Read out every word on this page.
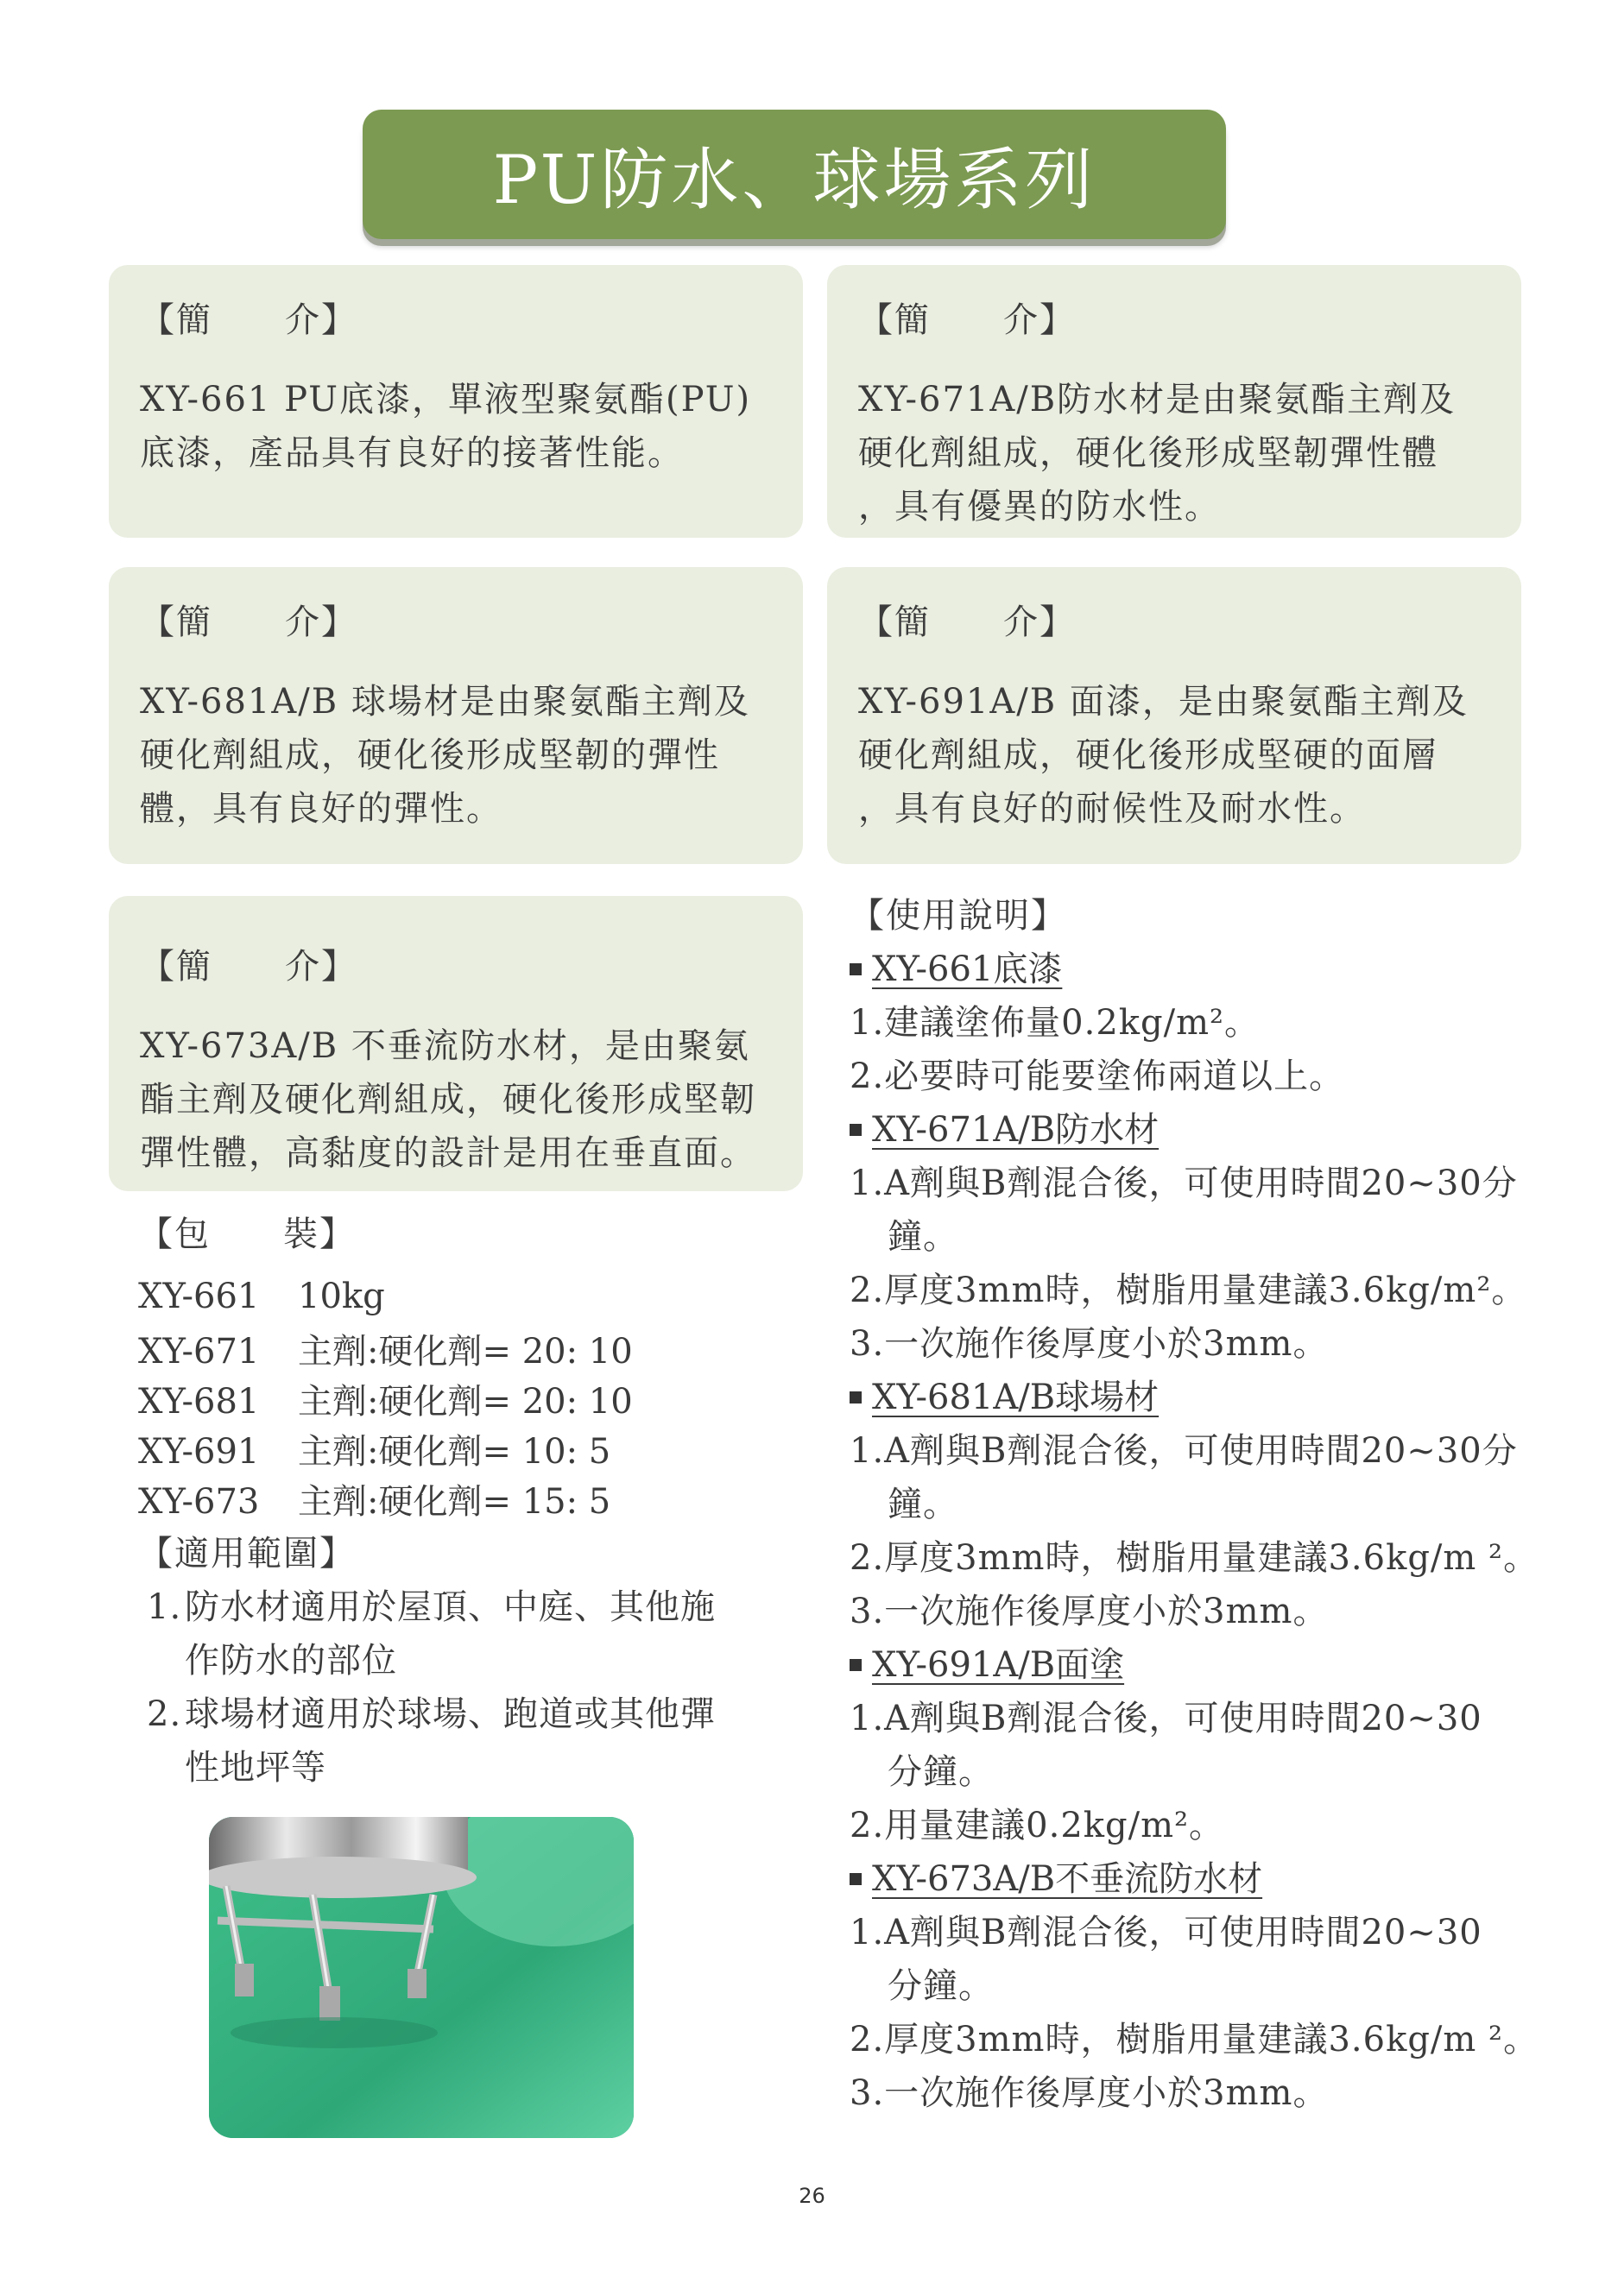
PU防水、球場系列
【簡　　介】
XY-661 PU底漆，單液型聚氨酯(PU)
底漆，產品具有良好的接著性能。
【簡　　介】
XY-671A/B防水材是由聚氨酯主劑及
硬化劑組成，硬化後形成堅韌彈性體
，具有優異的防水性。
【簡　　介】
XY-681A/B 球場材是由聚氨酯主劑及
硬化劑組成，硬化後形成堅韌的彈性
體，具有良好的彈性。
【簡　　介】
XY-691A/B 面漆，是由聚氨酯主劑及
硬化劑組成，硬化後形成堅硬的面層
，具有良好的耐候性及耐水性。
【簡　　介】
XY-673A/B 不垂流防水材，是由聚氨
酯主劑及硬化劑組成，硬化後形成堅韌
彈性體，高黏度的設計是用在垂直面。
【包　　裝】
XY-661	10kg
XY-671	主劑:硬化劑= 20: 10
XY-681	主劑:硬化劑= 20: 10
XY-691	主劑:硬化劑= 10: 5
XY-673	主劑:硬化劑= 15: 5
【適用範圍】
1. 防水材適用於屋頂、中庭、其他施
作防水的部位
2. 球場材適用於球場、跑道或其他彈
性地坪等
【使用說明】
XY-661底漆
1.建議塗佈量0.2kg/m²。
2.必要時可能要塗佈兩道以上。
XY-671A/B防水材
1.A劑與B劑混合後，可使用時間20~30分
鐘。
2.厚度3mm時，樹脂用量建議3.6kg/m²。
3.一次施作後厚度小於3mm。
XY-681A/B球場材
1.A劑與B劑混合後，可使用時間20~30分
鐘。
2.厚度3mm時，樹脂用量建議3.6kg/m ²。
3.一次施作後厚度小於3mm。
XY-691A/B面塗
1.A劑與B劑混合後，可使用時間20~30
分鐘。
2.用量建議0.2kg/m²。
XY-673A/B不垂流防水材
1.A劑與B劑混合後，可使用時間20~30
分鐘。
2.厚度3mm時，樹脂用量建議3.6kg/m ²。
3.一次施作後厚度小於3mm。
26
